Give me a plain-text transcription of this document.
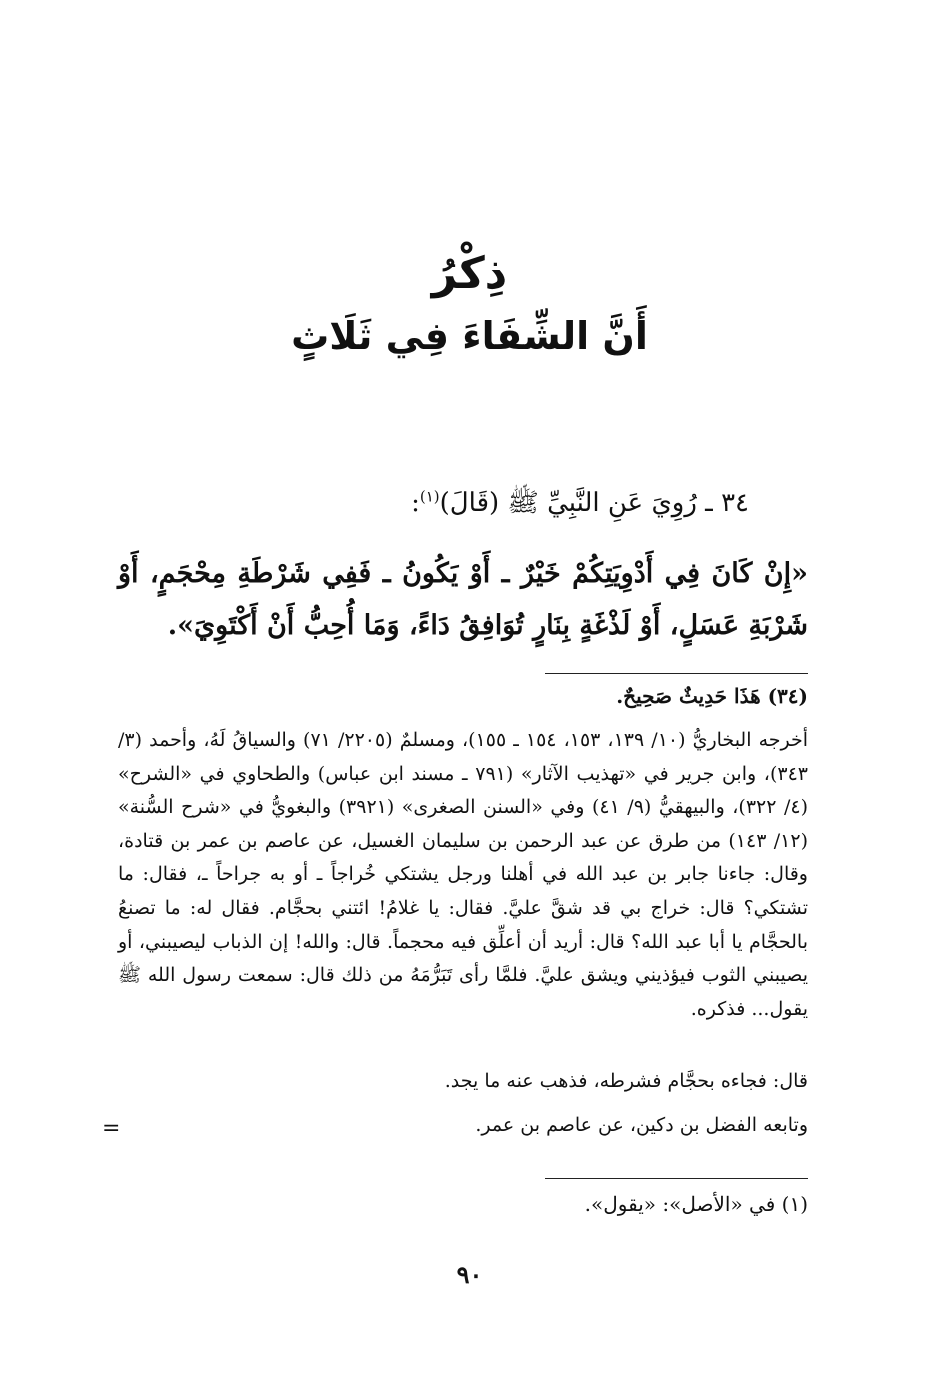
ذِكْرُ
أَنَّ الشِّفَاءَ فِي ثَلَاثٍ
٣٤ ـ رُوِيَ عَنِ النَّبِيِّ ﷺ (قَالَ)$^{(١)}$:
«إِنْ كَانَ فِي أَدْوِيَتِكُمْ خَيْرٌ ـ أَوْ يَكُونُ ـ فَفِي شَرْطَةِ مِحْجَمٍ، أَوْ شَرْبَةِ عَسَلٍ، أَوْ لَذْغَةٍ بِنَارٍ تُوَافِقُ دَاءً، وَمَا أُحِبُّ أَنْ أَكْتَوِيَ».
(٣٤) هَذَا حَدِيثٌ صَحِيحٌ.
أخرجه البخاريُّ (١٠/ ١٣٩، ١٥٣، ١٥٤ ـ ١٥٥)، ومسلمٌ (٢٢٠٥/ ٧١) والسياقُ لَهُ، وأحمد (٣/ ٣٤٣)، وابن جرير في «تهذيب الآثار» (٧٩١ ـ مسند ابن عباس) والطحاوي في «الشرح» (٤/ ٣٢٢)، والبيهقيُّ (٩/ ٤١) وفي «السنن الصغرى» (٣٩٢١) والبغويُّ في «شرح السُّنة» (١٢/ ١٤٣) من طرق عن عبد الرحمن بن سليمان الغسيل، عن عاصم بن عمر بن قتادة، وقال: جاءنا جابر بن عبد الله في أهلنا ورجل يشتكي خُراجاً ـ أو به جراحاً ـ، فقال: ما تشتكي؟ قال: خراج بي قد شقَّ عليَّ. فقال: يا غلامُ! ائتني بحجَّام. فقال له: ما تصنعُ بالحجَّام يا أبا عبد الله؟ قال: أريد أن أعلِّق فيه محجماً. قال: والله! إن الذباب ليصيبني، أو يصيبني الثوب فيؤذيني ويشق عليَّ. فلمَّا رأى تَبَرُّمَهُ من ذلك قال: سمعت رسول الله ﷺ يقول... فذكره.
قال: فجاءه بحجَّام فشرطه، فذهب عنه ما يجد.
وتابعه الفضل بن دكين، عن عاصم بن عمر.
=
(١) في «الأصل»: «يقول».
٩٠
